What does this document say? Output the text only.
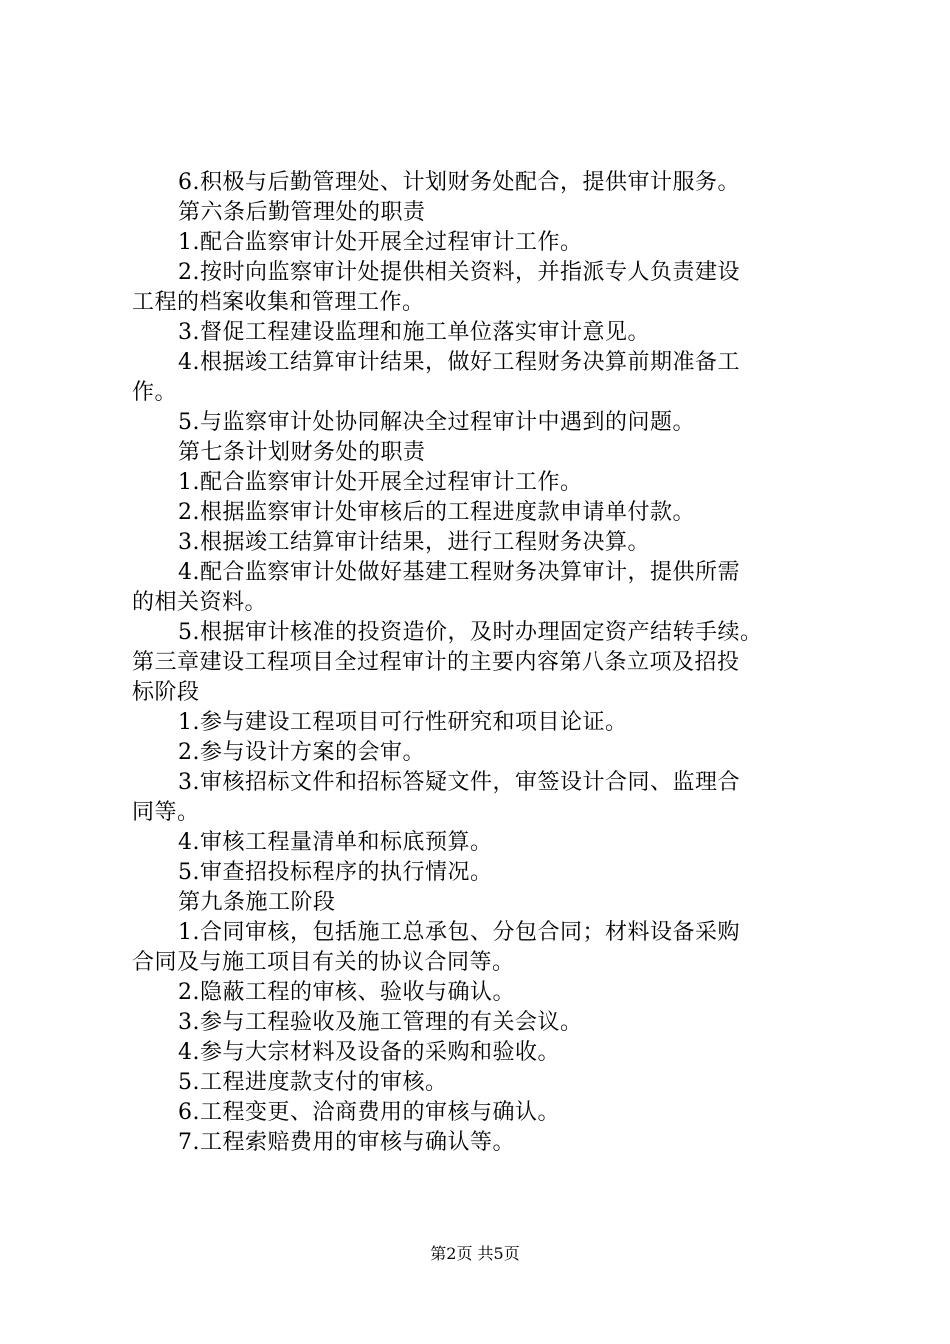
6.积极与后勤管理处、计划财务处配合，提供审计服务。
第六条后勤管理处的职责
1.配合监察审计处开展全过程审计工作。
2.按时向监察审计处提供相关资料，并指派专人负责建设
工程的档案收集和管理工作。
3.督促工程建设监理和施工单位落实审计意见。
4.根据竣工结算审计结果，做好工程财务决算前期准备工
作。
5.与监察审计处协同解决全过程审计中遇到的问题。
第七条计划财务处的职责
1.配合监察审计处开展全过程审计工作。
2.根据监察审计处审核后的工程进度款申请单付款。
3.根据竣工结算审计结果，进行工程财务决算。
4.配合监察审计处做好基建工程财务决算审计，提供所需
的相关资料。
5.根据审计核准的投资造价，及时办理固定资产结转手续。
第三章建设工程项目全过程审计的主要内容第八条立项及招投
标阶段
1.参与建设工程项目可行性研究和项目论证。
2.参与设计方案的会审。
3.审核招标文件和招标答疑文件，审签设计合同、监理合
同等。
4.审核工程量清单和标底预算。
5.审查招投标程序的执行情况。
第九条施工阶段
1.合同审核，包括施工总承包、分包合同；材料设备采购
合同及与施工项目有关的协议合同等。
2.隐蔽工程的审核、验收与确认。
3.参与工程验收及施工管理的有关会议。
4.参与大宗材料及设备的采购和验收。
5.工程进度款支付的审核。
6.工程变更、洽商费用的审核与确认。
7.工程索赔费用的审核与确认等。
第2页 共5页
